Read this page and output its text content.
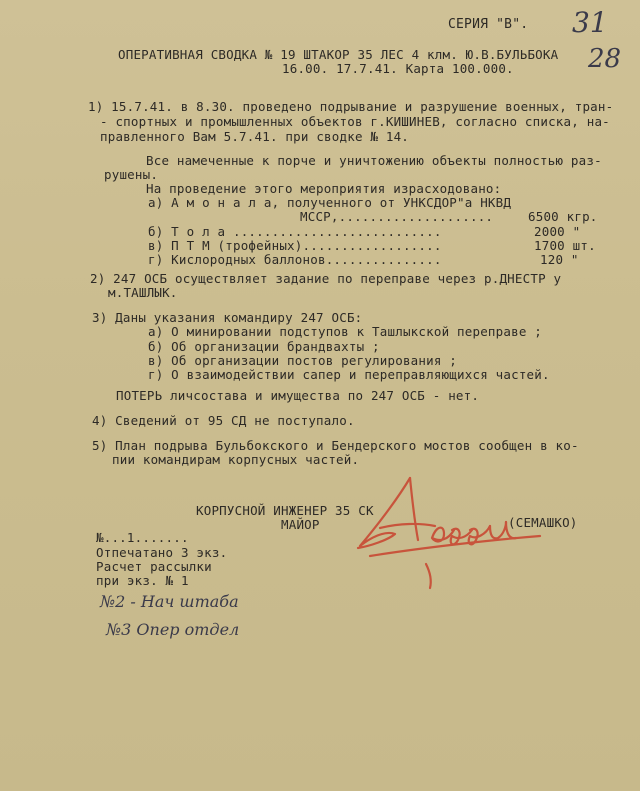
СЕРИЯ "В". 31
28
ОПЕРАТИВНАЯ СВОДКА № 19 ШТАКОР 35 ЛЕС 4 клм. Ю.В.БУЛЬБОКА
16.00. 17.7.41. Карта 100.000.
1) 15.7.41. в 8.30. проведено подрывание и разрушение военных, тран-
- спортных и промышленных объектов г.КИШИНЕВ, согласно списка, на-
правленного Вам 5.7.41. при сводке № 14.
Все намеченные к порче и уничтожению объекты полностью раз-
рушены.
На проведение этого мероприятия израсходовано:
а) А м о н а л а, полученного от УНКСДОР"а НКВД
МССР,....................	6500 кгр.
б) Т о л а ...........................	2000 "
в) П Т М (трофейных)..................	1700 шт.
г) Кислородных баллонов...............	120 "
2) 247 ОСБ осуществляет задание по переправе через р.ДНЕСТР у
м.ТАШЛЫК.
3) Даны указания командиру 247 ОСБ:
а) О минировании подступов к Ташлыкской переправе ;
б) Об организации брандвахты ;
в) Об организации постов регулирования ;
г) О взаимодействии сапер и переправляющихся частей.
ПОТЕРЬ личсостава и имущества по 247 ОСБ - нет.
4) Сведений от 95 СД не поступало.
5) План подрыва Бульбокского и Бендерского мостов сообщен в ко-
пии командирам корпусных частей.
КОРПУСНОЙ ИНЖЕНЕР 35 СК
МАЙОР	(СЕМАШКО)
№...1.......
Отпечатано 3 экз.
Расчет рассылки
при экз. № 1
№2 - Нач штаба
№3 Опер отдел
